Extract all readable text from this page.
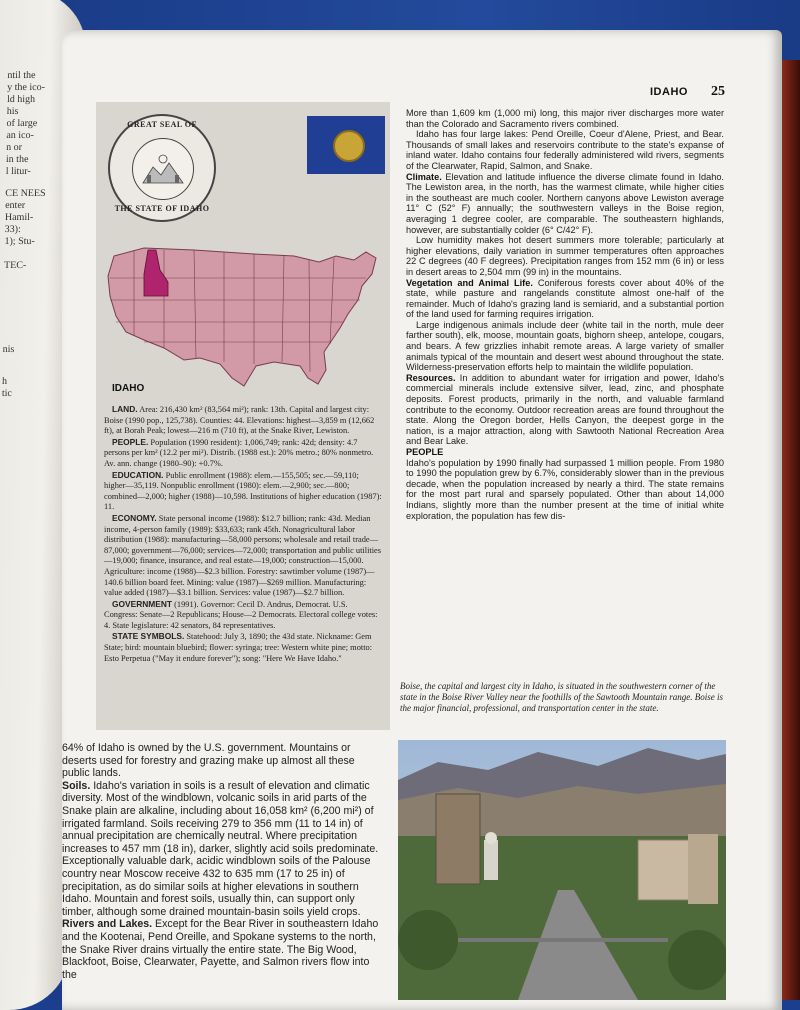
ntil the
y the ico-
ld high
his
of large
an ico-
n or
in the
l litur-
CE NEES
enter
Hamil-
33):
1); Stu-
TEC-
nis
h
tic
IDAHO 25
GREAT SEAL OF
THE STATE OF IDAHO
IDAHO

LAND. Area: 216,430 km² (83,564 mi²); rank: 13th. Capital and largest city: Boise (1990 pop., 125,738). Counties: 44. Elevations: highest—3,859 m (12,662 ft), at Borah Peak; lowest—216 m (710 ft), at the Snake River, Lewiston.

PEOPLE. Population (1990 resident): 1,006,749; rank: 42d; density: 4.7 persons per km² (12.2 per mi²). Distrib. (1988 est.): 20% metro.; 80% nonmetro. Av. ann. change (1980–90): +0.7%.

EDUCATION. Public enrollment (1988): elem.—155,505; sec.—59,110; higher—35,119. Nonpublic enrollment (1980): elem.—2,900; sec.—800; combined—2,000; higher (1988)—10,598. Institutions of higher education (1987): 11.

ECONOMY. State personal income (1988): $12.7 billion; rank: 43d. Median income, 4-person family (1989): $33,633; rank 45th. Nonagricultural labor distribution (1988): manufacturing—58,000 persons; wholesale and retail trade—87,000; government—76,000; services—72,000; transportation and public utilities—19,000; finance, insurance, and real estate—19,000; construction—15,000. Agriculture: income (1988)—$2.3 billion. Forestry: sawtimber volume (1987)—140.6 billion board feet. Mining: value (1987)—$269 million. Manufacturing: value added (1987)—$3.1 billion. Services: value (1987)—$2.7 billion.

GOVERNMENT (1991). Governor: Cecil D. Andrus, Democrat. U.S. Congress: Senate—2 Republicans; House—2 Democrats. Electoral college votes: 4. State legislature: 42 senators, 84 representatives.

STATE SYMBOLS. Statehood: July 3, 1890; the 43d state. Nickname: Gem State; bird: mountain bluebird; flower: syringa; tree: Western white pine; motto: Esto Perpetua ("May it endure forever"); song: "Here We Have Idaho."

More than 1,609 km (1,000 mi) long, this major river discharges more water than the Colorado and Sacramento rivers combined.

Idaho has four large lakes: Pend Oreille, Coeur d'Alene, Priest, and Bear. Thousands of small lakes and reservoirs contribute to the state's expanse of inland water. Idaho contains four federally administered wild rivers, segments of the Clearwater, Rapid, Salmon, and Snake.

Climate. Elevation and latitude influence the diverse climate found in Idaho. The Lewiston area, in the north, has the warmest climate, while higher cities in the southeast are much cooler. Northern canyons above Lewiston average 11° C (52° F) annually; the southwestern valleys in the Boise region, averaging 1 degree cooler, are comparable. The southeastern highlands, however, are substantially colder (6° C/42° F).

Low humidity makes hot desert summers more tolerable; particularly at higher elevations, daily variation in summer temperatures often approaches 22 C degrees (40 F degrees). Precipitation ranges from 152 mm (6 in) or less in desert areas to 2,504 mm (99 in) in the mountains.

Vegetation and Animal Life. Coniferous forests cover about 40% of the state, while pasture and rangelands constitute almost one-half of the remainder. Much of Idaho's grazing land is semiarid, and a substantial portion of the land used for farming requires irrigation.

Large indigenous animals include deer (white tail in the north, mule deer farther south), elk, moose, mountain goats, bighorn sheep, antelope, cougars, and bears. A few grizzlies inhabit remote areas. A large variety of smaller animals typical of the mountain and desert west abound throughout the state. Wilderness-preservation efforts help to maintain the wildlife population.

Resources. In addition to abundant water for irrigation and power, Idaho's commercial minerals include extensive silver, lead, zinc, and phosphate deposits. Forest products, primarily in the north, and valuable farmland contribute to the economy. Outdoor recreation areas are found throughout the state. Along the Oregon border, Hells Canyon, the deepest gorge in the nation, is a major attraction, along with Sawtooth National Recreation Area and Bear Lake.

PEOPLE

Idaho's population by 1990 finally had surpassed 1 million people. From 1980 to 1990 the population grew by 6.7%, considerably slower than in the previous decade, when the population increased by nearly a third. The state remains for the most part rural and sparsely populated. Other than about 14,000 Indians, slightly more than the number present at the time of initial white exploration, the population has few dis-

Boise, the capital and largest city in Idaho, is situated in the southwestern corner of the state in the Boise River Valley near the foothills of the Sawtooth Mountain range. Boise is the major financial, professional, and transportation center in the state.

64% of Idaho is owned by the U.S. government. Mountains or deserts used for forestry and grazing make up almost all these public lands.

Soils. Idaho's variation in soils is a result of elevation and climatic diversity. Most of the windblown, volcanic soils in arid parts of the Snake plain are alkaline, including about 16,058 km² (6,200 mi²) of irrigated farmland. Soils receiving 279 to 356 mm (11 to 14 in) of annual precipitation are chemically neutral. Where precipitation increases to 457 mm (18 in), darker, slightly acid soils predominate. Exceptionally valuable dark, acidic windblown soils of the Palouse country near Moscow receive 432 to 635 mm (17 to 25 in) of precipitation, as do similar soils at higher elevations in southern Idaho. Mountain and forest soils, usually thin, can support only timber, although some drained mountain-basin soils yield crops.

Rivers and Lakes. Except for the Bear River in southeastern Idaho and the Kootenai, Pend Oreille, and Spokane systems to the north, the Snake River drains virtually the entire state. The Big Wood, Blackfoot, Boise, Clearwater, Payette, and Salmon rivers flow into the
